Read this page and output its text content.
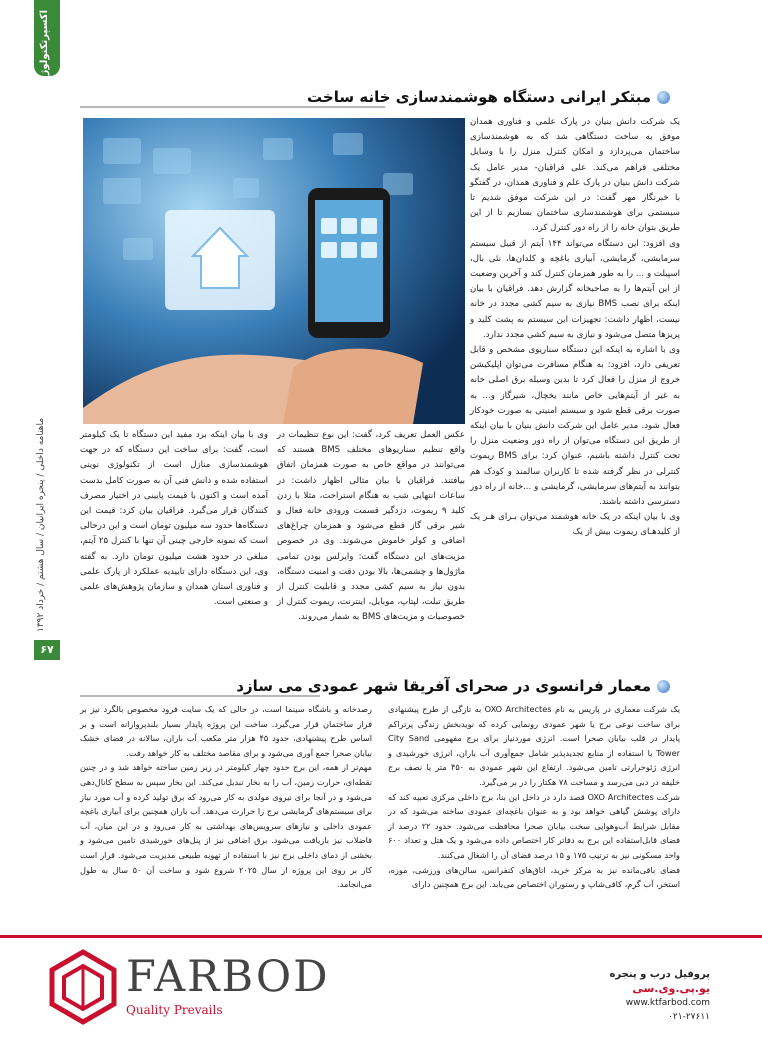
اکسپرتکنولوژی
ماهنامه داخلی / پنجره ایرانیان / سال هشتم / خرداد ۱۳۹۲
۶۷
مبتکر ایرانی دستگاه هوشمندسازی خانه ساخت
یک شرکت دانش بنیان در پارک علمی و فناوری همدان موفق به ساخت دستگاهی شد که به هوشمندسازی ساختمان می‌پردازد و امکان کنترل منزل را با وسایل مختلفی فراهم می‌کند. علی فراقیان- مدیر عامل یک شرکت دانش بنیان در پارک علم و فناوری همدان، در گفتگو با خبرنگار مهر گفت: در این شرکت موفق شدیم تا سیستمی برای هوشمندسازی ساختمان بسازیم تا از این طریق بتوان خانه را از راه دور کنترل کرد.
وی افزود: این دستگاه می‌تواند ۱۴۴ آیتم از قبیل سیستم سرمایشی، گرمایشی، آبیاری باغچه و کلدان‌ها، نئی بال، اسپیلت و ... را به طور همزمان کنترل کند و آخرین وضعیت از این آیتم‌ها را به صاحبخانه گزارش دهد. فراقیان با بیان اینکه برای نصب BMS نیازی به سیم کشی مجدد در خانه نیست، اظهار داشت: تجهیزات این سیستم به پشت کلید و پریزها متصل می‌شود و نیازی به سیم کشی مجدد ندارد.
وی با اشاره به اینکه این دستگاه سناریوی مشخص و قابل تعریفی دارد، افزود: به هنگام مسافرت می‌توان اپلیکیشن خروج از منزل را فعال کرد تا بدین وسیله برق اصلی خانه به غیر از آیتم‌هایی خاص مانند یخچال، شیرگاز و... به صورت برقی قطع شود و سیستم امنیتی به صورت خودکار فعال شود. مدیر عامل این شرکت دانش بنیان با بیان اینکه از طریق این دستگاه می‌توان از راه دور وضعیت منزل را تحت کنترل داشته باشیم، عنوان کرد: برای BMS ریموت کنترلی در نظر گرفته شده تا کاربران سالمند و کودک هم بتوانند به آیتم‌های سرمایشی، گرمایشی و ...خانه از راه دور دسترسی داشته باشند.
وی با بیان اینکه در یک خانه هوشمند می‌توان بـرای هـر یک از کلیدهـای ریموت بیش از یک
عکس العمل تعریف کرد، گفت: این نوع تنظیمات در واقع تنظیم سناریوهای مختلف BMS هستند که می‌توانند در مواقع خاص به صورت همزمان اتفاق بیافتند. فراقیان با بیان مثالی اظهار داشت: در ساعات انتهایی شب به هنگام استراحت، مثلا با زدن کلید ۹ ریموت، دزدگیر قسمت ورودی خانه فعال و شیر برقی گاز قطع می‌شود و همزمان چراغ‌های اضافی و کولر خاموش می‌شوند. وی در خصوص مزیت‌های این دستگاه گفت: وایرلس بودن تمامی ماژول‌ها و چشمی‌ها، بالا بودن دقت و امنیت دستگاه، بدون نیاز به سیم کشی مجدد و قابلیت کنترل از طریق تبلت، لپتاپ، موبایل، اینترنت، ریموت کنترل از خصوصیات و مزیت‌های BMS به شمار می‌روند.
وی با بیان اینکه برد مفید این دستگاه تا یک کیلومتر است، گفت: برای ساخت این دستگاه که در جهت هوشمندسازی منازل است از تکنولوژی نوینی استفاده شده و دانش فنی آن به صورت کامل بدست آمده است و اکنون با قیمت پایینی در اختیار مصرف کنندگان قرار می‌گیرد. فراقیان بیان کرد: قیمت این دستگاه‌ها حدود سه میلیون تومان است و این درحالی است که نمونه خارجی چینی آن تنها با کنترل ۲۵ آیتم، مبلغی در حدود هشت میلیون تومان دارد. به گفته وی، این دستگاه دارای تاییدیه عملکرد از پارک علمی و فناوری استان همدان و سازمان پژوهش‌های علمی و صنعتی است.
معمار فرانسوی در صحرای آفریقا شهر عمودی می سازد
یک شرکت معماری در پاریس به نام OXO Architectes به تازگی از طرح پیشنهادی برای ساخت نوعی برج یا شهر عمودی رونمایی کرده که نویدبخش زندگی پرتراکم پایدار در قلب بیابان صحرا است. انرژی موردنیاز برای برج مفهومی City Sand Tower با استفاده از منابع تجدیدپذیر شامل جمع‌آوری آب باران، انرژی خورشیدی و انرژی ژئوحرارتی تامین می‌شود. ارتفاع این شهر عمودی به ۴۵۰ متر یا نصف برج خلیفه در دبی می‌رسد و مساحت ۷۸ هکتار را در بر می‌گیرد.
شرکت OXO Architectes قصد دارد در داخل این بنا، برج داخلی مرکزی تعبیه کند که دارای پوشش گیاهی خواهد بود و به عنوان باغچه‌ای عمودی ساخته می‌شود که در مقابل شرایط آب‌وهوایی سخت بیابان صحرا محافظت می‌شود. حدود ۲۲ درصد از فضای قابل‌استفاده این برج به دفاتر کار اختصاص داده می‌شود و یک هتل و تعداد ۶۰۰ واحد مسکونی نیز به ترتیب ۱۷۵ و ۱۵ درصد فضای آن را اشغال می‌کنند.
فضای باقی‌مانده نیز به مرکز خرید، اتاق‌های کنفرانس، سالن‌های ورزشی، موزه، استخر، آب گرم، کافی‌شاپ و رستوران اختصاص می‌یابد. این برج همچنین دارای
رصدخانه و باشگاه سینما است، در حالی که یک سایت فرود مخصوص بالگرد نیز بر فراز ساختمان قرار می‌گیرد. ساخت این پروژه پایدار بسیار بلندپروازانه است و بر اساس طرح پیشنهادی، حدود ۴۵ هزار متر مکعب آب باران، سالانه در فضای خشک بیابان صحرا جمع آوری می‌شود و برای مقاصد مختلف به کار خواهد رفت.
مهم‌تر از همه، این برج حدود چهار کیلومتر در زیر زمین ساخته خواهد شد و در چنین نقطه‌ای، حرارت زمین، آب را به بخار تبدیل می‌کند. این بخار سپس به سطح کانال‌دهی می‌شود و در آنجا برای نیروی مولدی به کار می‌رود که برق تولید کرده و آب مورد نیاز برای سیستم‌های گرمایشی برج را حرارت می‌دهد. آب باران همچنین برای آبیاری باغچه عمودی داخلی و نیازهای سرویس‌های بهداشتی به کار می‌رود و در این میان، آب فاضلاب نیز بازیافت می‌شود. برق اضافی نیز از پنل‌های خورشیدی تامین می‌شود و بخشی از دمای داخلی برج نیز با استفاده از تهویه طبیعی مدیریت می‌شود. قرار است کار بر روی این پروژه از سال ۲۰۲۵ شروع شود و ساخت آن ۵۰ سال به طول می‌انجامد.
FARBOD
Quality Prevails
پروفیل درب و پنجره
یو.پی.وی.سی
www.ktfarbod.com
۰۲۱-۲۷۶۱۱
